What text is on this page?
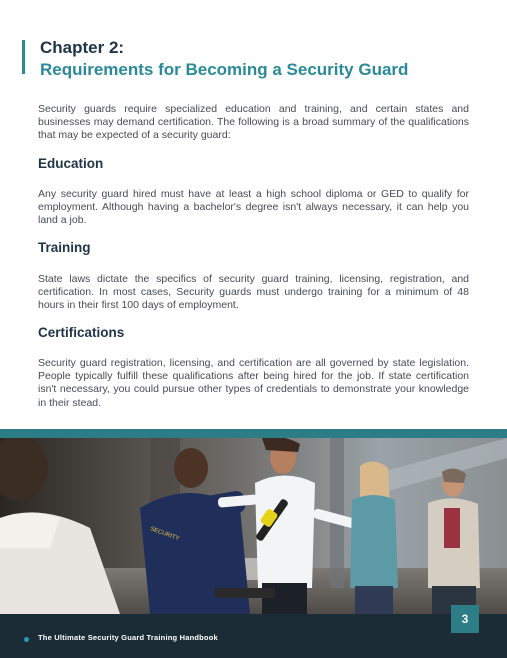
Chapter 2:
Requirements for Becoming a Security Guard

Security guards require specialized education and training, and certain states and businesses may demand certification. The following is a broad summary of the qualifications that may be expected of a security guard:

Education

Any security guard hired must have at least a high school diploma or GED to qualify for employment. Although having a bachelor's degree isn't always necessary, it can help you land a job.

Training

State laws dictate the specifics of security guard training, licensing, registration, and certification. In most cases, Security guards must undergo training for a minimum of 48 hours in their first 100 days of employment.

Certifications

Security guard registration, licensing, and certification are all governed by state legislation. People typically fulfill these qualifications after being hired for the job. If state certification isn't necessary, you could pursue other types of credentials to demonstrate your knowledge in their stead.

SECURITY
The Ultimate Security Guard Training Handbook
3
